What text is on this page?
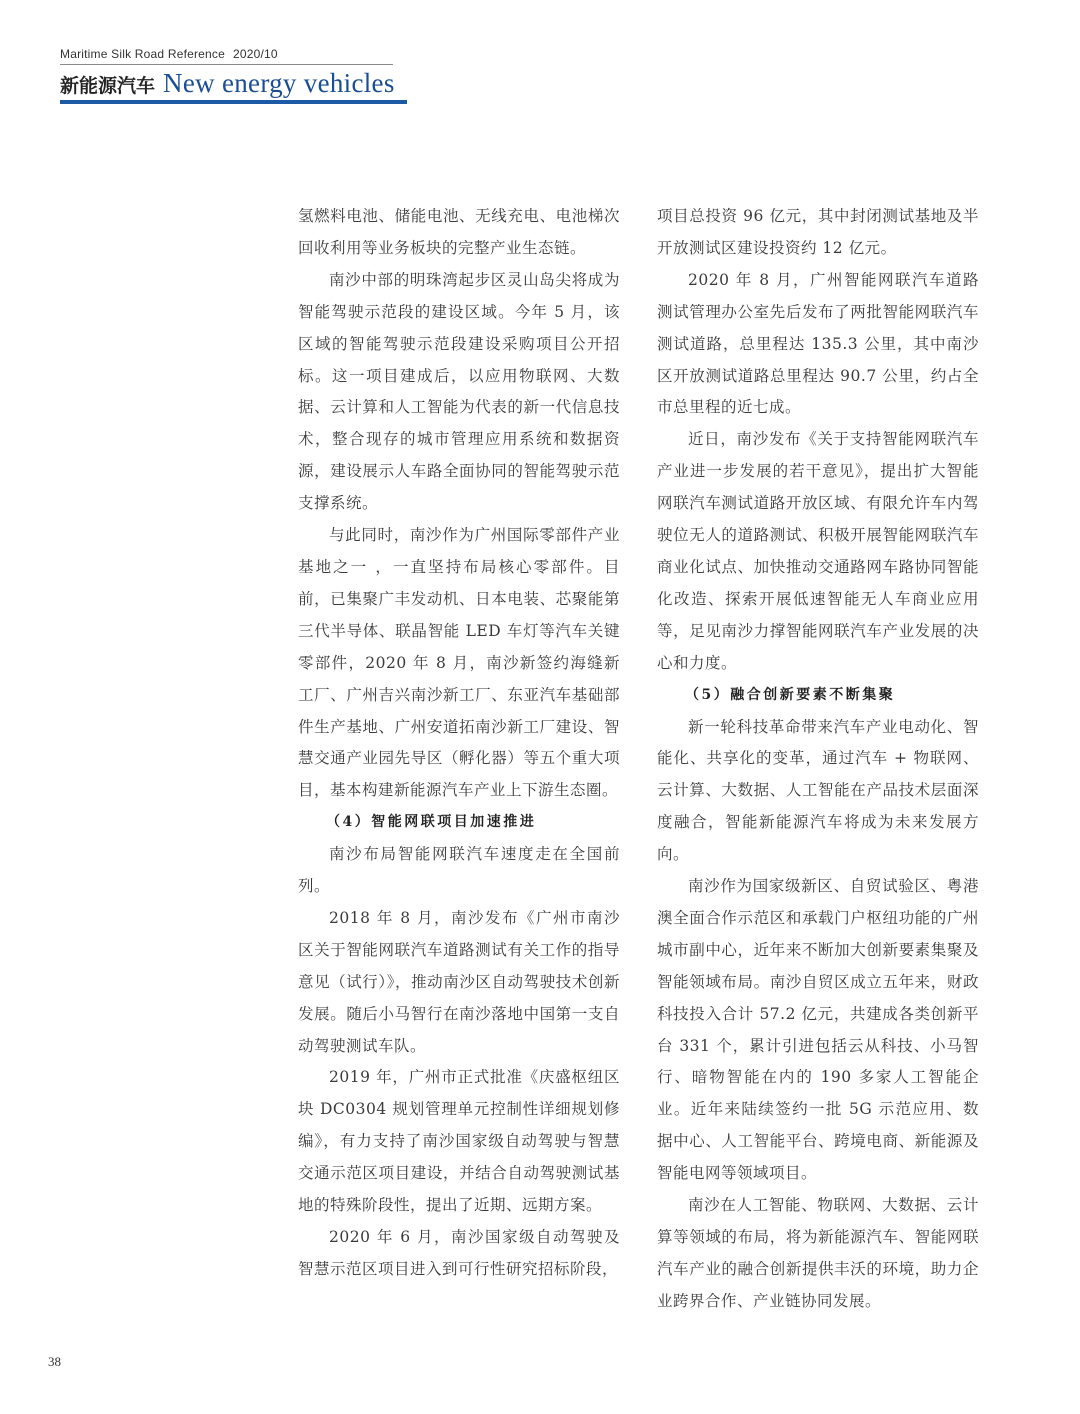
Maritime Silk Road Reference 2020/10
新能源汽车 New energy vehicles

氢燃料电池、储能电池、无线充电、电池梯次回收利用等业务板块的完整产业生态链。

南沙中部的明珠湾起步区灵山岛尖将成为智能驾驶示范段的建设区域。今年 5 月，该区域的智能驾驶示范段建设采购项目公开招标。这一项目建成后，以应用物联网、大数据、云计算和人工智能为代表的新一代信息技术，整合现存的城市管理应用系统和数据资源，建设展示人车路全面协同的智能驾驶示范支撑系统。

与此同时，南沙作为广州国际零部件产业基地之一 ，一直坚持布局核心零部件。目前，已集聚广丰发动机、日本电装、芯聚能第三代半导体、联晶智能 LED 车灯等汽车关键零部件，2020 年 8 月，南沙新签约海缝新工厂、广州吉兴南沙新工厂、东亚汽车基础部件生产基地、广州安道拓南沙新工厂建设、智慧交通产业园先导区（孵化器）等五个重大项目，基本构建新能源汽车产业上下游生态圈。

（4）智能网联项目加速推进

南沙布局智能网联汽车速度走在全国前列。

2018 年 8 月，南沙发布《广州市南沙区关于智能网联汽车道路测试有关工作的指导意见（试行）》，推动南沙区自动驾驶技术创新发展。随后小马智行在南沙落地中国第一支自动驾驶测试车队。

2019 年，广州市正式批准《庆盛枢纽区块 DC0304 规划管理单元控制性详细规划修编》，有力支持了南沙国家级自动驾驶与智慧交通示范区项目建设，并结合自动驾驶测试基地的特殊阶段性，提出了近期、远期方案。

2020 年 6 月，南沙国家级自动驾驶及智慧示范区项目进入到可行性研究招标阶段，

项目总投资 96 亿元，其中封闭测试基地及半开放测试区建设投资约 12 亿元。

2020 年 8 月，广州智能网联汽车道路测试管理办公室先后发布了两批智能网联汽车测试道路，总里程达 135.3 公里，其中南沙区开放测试道路总里程达 90.7 公里，约占全市总里程的近七成。

近日，南沙发布《关于支持智能网联汽车产业进一步发展的若干意见》，提出扩大智能网联汽车测试道路开放区域、有限允许车内驾驶位无人的道路测试、积极开展智能网联汽车商业化试点、加快推动交通路网车路协同智能化改造、探索开展低速智能无人车商业应用等，足见南沙力撑智能网联汽车产业发展的决心和力度。

（5）融合创新要素不断集聚

新一轮科技革命带来汽车产业电动化、智能化、共享化的变革，通过汽车 + 物联网、云计算、大数据、人工智能在产品技术层面深度融合，智能新能源汽车将成为未来发展方向。

南沙作为国家级新区、自贸试验区、粤港澳全面合作示范区和承载门户枢纽功能的广州城市副中心，近年来不断加大创新要素集聚及智能领域布局。南沙自贸区成立五年来，财政科技投入合计 57.2 亿元，共建成各类创新平台 331 个，累计引进包括云从科技、小马智行、暗物智能在内的 190 多家人工智能企业。近年来陆续签约一批 5G 示范应用、数据中心、人工智能平台、跨境电商、新能源及智能电网等领域项目。

南沙在人工智能、物联网、大数据、云计算等领域的布局，将为新能源汽车、智能网联汽车产业的融合创新提供丰沃的环境，助力企业跨界合作、产业链协同发展。

38
